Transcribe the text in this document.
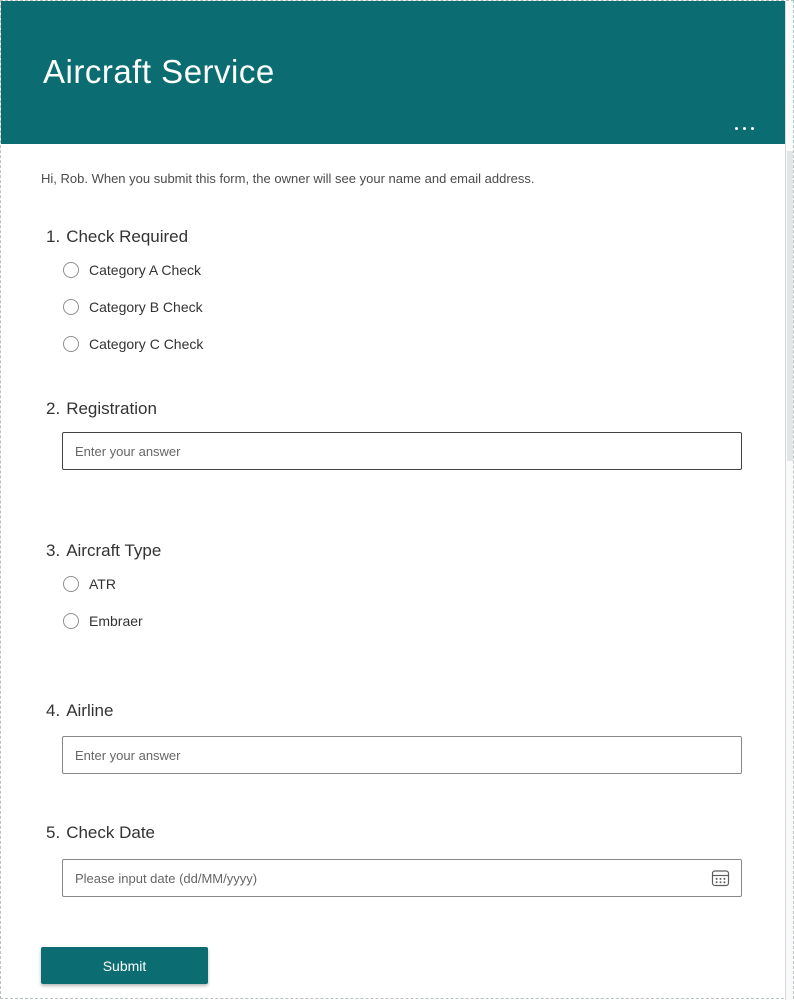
Aircraft Service
Hi, Rob. When you submit this form, the owner will see your name and email address.
1. Check Required
Category A Check
Category B Check
Category C Check
2. Registration
Enter your answer
3. Aircraft Type
ATR
Embraer
4. Airline
Enter your answer
5. Check Date
Please input date (dd/MM/yyyy)
Submit
